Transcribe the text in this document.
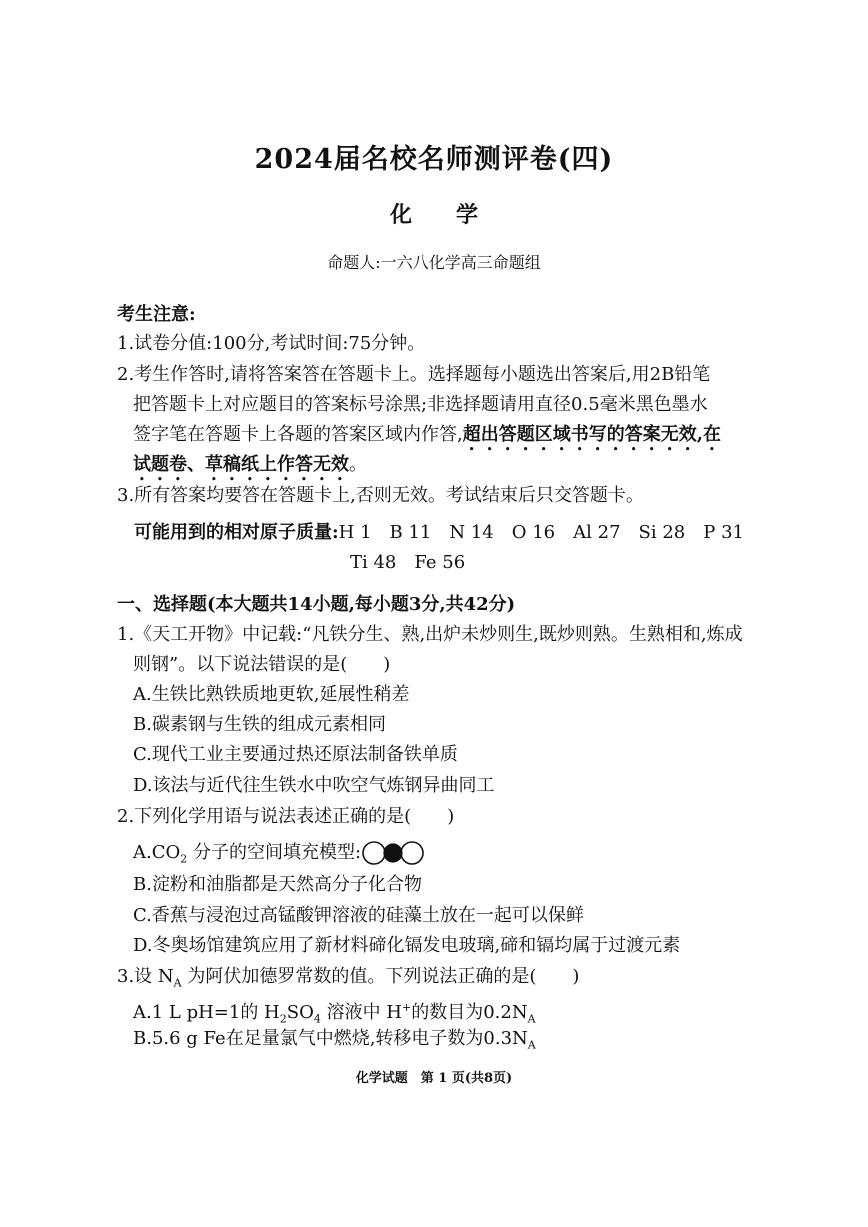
2024届名校名师测评卷(四)
化　　学
命题人:一六八化学高三命题组
考生注意:
1.试卷分值:100分,考试时间:75分钟。
2.考生作答时,请将答案答在答题卡上。选择题每小题选出答案后,用2B铅笔
把答题卡上对应题目的答案标号涂黑;非选择题请用直径0.5毫米黑色墨水
签字笔在答题卡上各题的答案区域内作答,超出答题区域书写的答案无效,在
试题卷、草稿纸上作答无效。
3.所有答案均要答在答题卡上,否则无效。考试结束后只交答题卡。
可能用到的相对原子质量:H 1　B 11　N 14　O 16　Al 27　Si 28　P 31
Ti 48　Fe 56
一、选择题(本大题共14小题,每小题3分,共42分)
1.《天工开物》中记载:“凡铁分生、熟,出炉未炒则生,既炒则熟。生熟相和,炼成
则钢”。以下说法错误的是(　　)
A.生铁比熟铁质地更软,延展性稍差
B.碳素钢与生铁的组成元素相同
C.现代工业主要通过热还原法制备铁单质
D.该法与近代往生铁水中吹空气炼钢异曲同工
2.下列化学用语与说法表述正确的是(　　)
$A.CO_2$ 分子的空间填充模型:
B.淀粉和油脂都是天然高分子化合物
C.香蕉与浸泡过高锰酸钾溶液的硅藻土放在一起可以保鲜
D.冬奥场馆建筑应用了新材料碲化镉发电玻璃,碲和镉均属于过渡元素
3.设 $N_A$ 为阿伏加德罗常数的值。下列说法正确的是(　　)
A.1 L pH=1的 $H_2SO_4$ 溶液中 H+的数目为$0.2N_A$
B.5.6 g Fe在足量氯气中燃烧,转移电子数为$0.3N_A$
化学试题　第 1 页(共8页)
